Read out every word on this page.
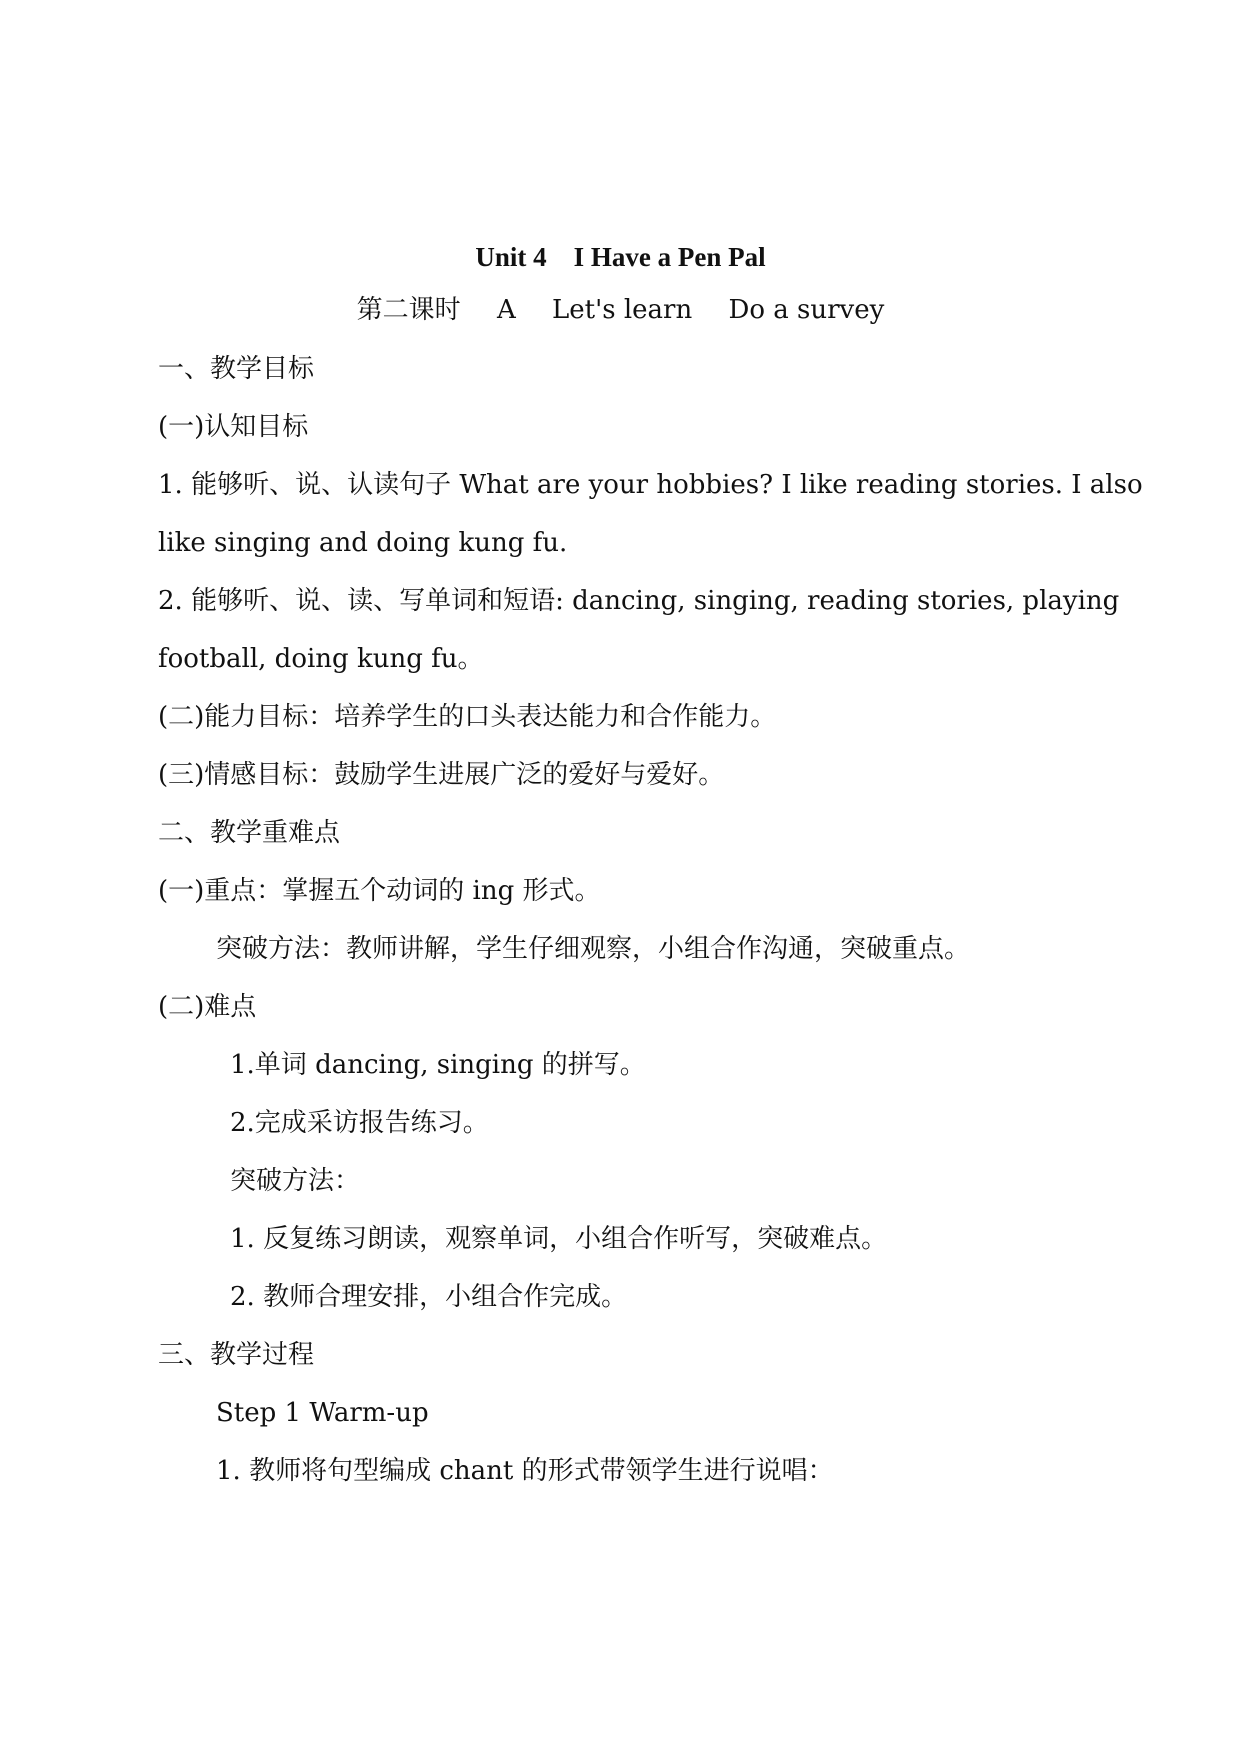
Unit 4　I Have a Pen Pal
第二课时 A Let's learn Do a survey
一、教学目标
(一)认知目标
1. 能够听、说、认读句子 What are your hobbies? I like reading stories. I also
like singing and doing kung fu.
2. 能够听、说、读、写单词和短语: dancing, singing, reading stories, playing
football, doing kung fu。
(二)能力目标：培养学生的口头表达能力和合作能力。
(三)情感目标：鼓励学生进展广泛的爱好与爱好。
二、教学重难点
(一)重点：掌握五个动词的 ing 形式。
突破方法：教师讲解，学生仔细观察，小组合作沟通，突破重点。
(二)难点
1.单词 dancing, singing 的拼写。
2.完成采访报告练习。
突破方法：
1. 反复练习朗读，观察单词，小组合作听写，突破难点。
2. 教师合理安排，小组合作完成。
三、教学过程
Step 1 Warm-up
1. 教师将句型编成 chant 的形式带领学生进行说唱：
